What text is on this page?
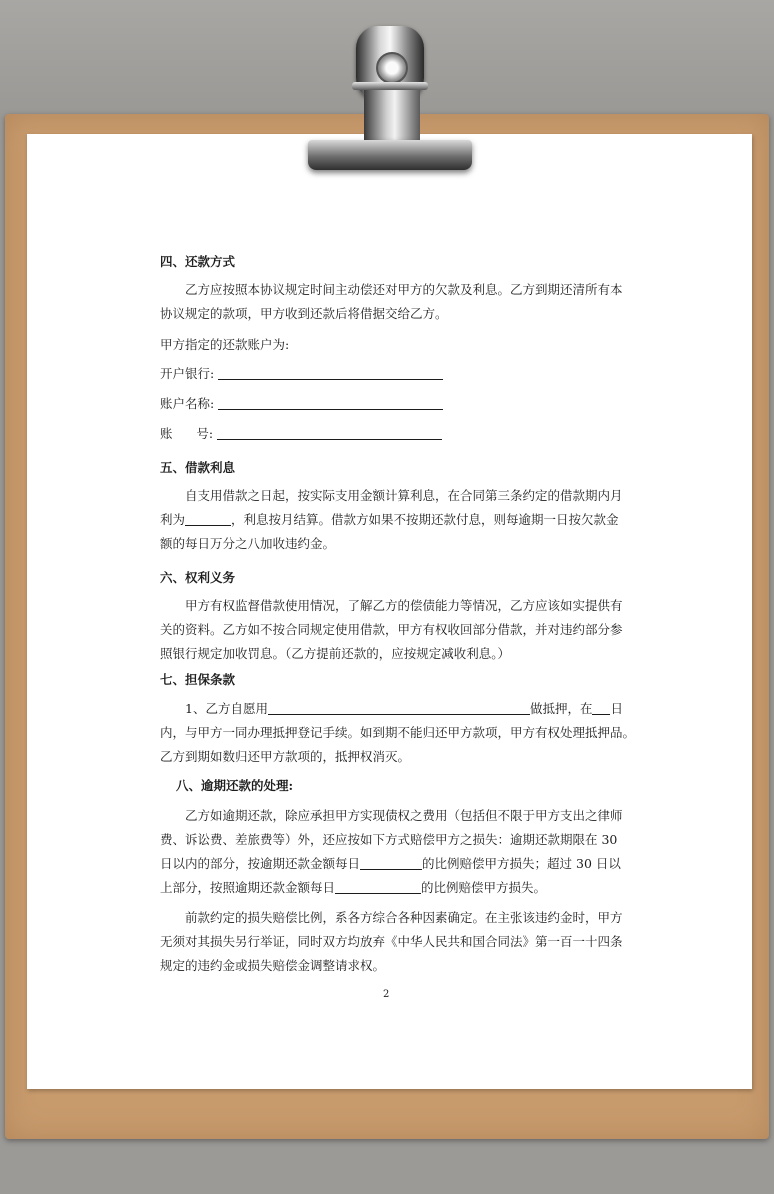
四、还款方式
乙方应按照本协议规定时间主动偿还对甲方的欠款及利息。乙方到期还清所有本
协议规定的款项，甲方收到还款后将借据交给乙方。
甲方指定的还款账户为:
开户银行:
账户名称:
账      号:
五、借款利息
自支用借款之日起，按实际支用金额计算利息，在合同第三条约定的借款期内月
利为	，利息按月结算。借款方如果不按期还款付息，则每逾期一日按欠款金
额的每日万分之八加收违约金。
六、权利义务
甲方有权监督借款使用情况，了解乙方的偿债能力等情况，乙方应该如实提供有
关的资料。乙方如不按合同规定使用借款，甲方有权收回部分借款，并对违约部分参
照银行规定加收罚息。（乙方提前还款的，应按规定减收利息。）
七、担保条款
1、乙方自愿用	做抵押，在 日
内，与甲方一同办理抵押登记手续。如到期不能归还甲方款项，甲方有权处理抵押品。
乙方到期如数归还甲方款项的，抵押权消灭。
八、逾期还款的处理:
乙方如逾期还款，除应承担甲方实现债权之费用（包括但不限于甲方支出之律师
费、诉讼费、差旅费等）外，还应按如下方式赔偿甲方之损失：逾期还款期限在 30
日以内的部分，按逾期还款金额每日	的比例赔偿甲方损失；超过 30 日以
上部分，按照逾期还款金额每日	的比例赔偿甲方损失。
前款约定的损失赔偿比例，系各方综合各种因素确定。在主张该违约金时，甲方
无须对其损失另行举证，同时双方均放弃《中华人民共和国合同法》第一百一十四条
规定的违约金或损失赔偿金调整请求权。
2
